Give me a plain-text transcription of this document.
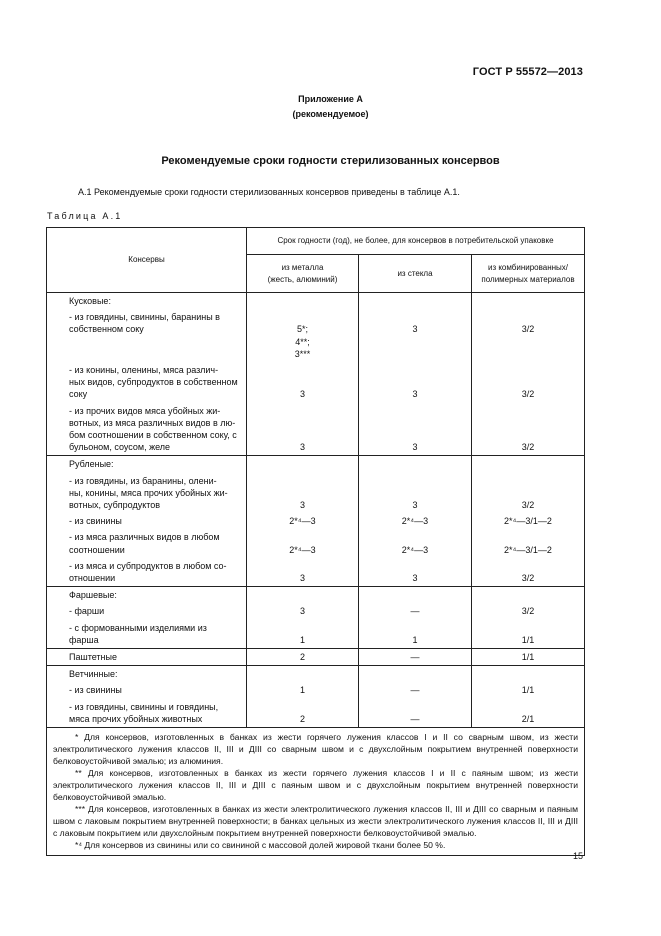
ГОСТ Р 55572—2013
Приложение А
(рекомендуемое)
Рекомендуемые сроки годности стерилизованных консервов
А.1 Рекомендуемые сроки годности стерилизованных консервов приведены в таблице А.1.
Таблица А.1
Консервы	Срок годности (год), не более, для консервов в потребительской упаковке		

	из металла
(жесть, алюминий)	из стекла	из комбинированных/
полимерных материалов

Кусковые:			

- из говядины, свинины, баранины в
собственном соку	5*;
4**;
3***	3	3/2

- из конины, оленины, мяса различ-
ных видов, субпродуктов в собственном
соку	3	3	3/2

- из прочих видов мяса убойных жи-
вотных, из мяса различных видов в лю-
бом соотношении в собственном соку, с
бульоном, соусом, желе	3	3	3/2

Рубленые:			

- из говядины, из баранины, олени-
ны, конины, мяса прочих убойных жи-
вотных, субпродуктов	3	3	3/2

- из свинины	2*⁴—3	2*⁴—3	2*⁴—3/1—2

- из мяса различных видов в любом
соотношении	2*⁴—3	2*⁴—3	2*⁴—3/1—2

- из мяса и субпродуктов в любом со-
отношении	3	3	3/2

Фаршевые:			

- фарши	3	—	3/2

- с формованными изделиями из
фарша	1	1	1/1

Паштетные	2	—	1/1

Ветчинные:			

- из свинины	1	—	1/1

- из говядины, свинины и говядины,
мяса прочих убойных животных	2	—	2/1

* Для консервов, изготовленных в банках из жести горячего лужения классов I и II со сварным швом, из жести электролитического лужения классов II, III и ДIII со сварным швом и с двухслойным покрытием внутренней поверхности белковоустойчивой эмалью; из алюминия.

** Для консервов, изготовленных в банках из жести горячего лужения классов I и II с паяным швом; из жести электролитического лужения классов II, III и ДIII с паяным швом и с двухслойным покрытием внутренней поверхности белковоустойчивой эмалью.

*** Для консервов, изготовленных в банках из жести электролитического лужения классов II, III и ДIII со сварным и паяным швом с лаковым покрытием внутренней поверхности; в банках цельных из жести электролитического лужения классов II, III и ДIII с лаковым покрытием или двухслойным покрытием внутренней поверхности белковоустойчивой эмалью.

*⁴ Для консервов из свинины или со свининой с массовой долей жировой ткани более 50 %.			

15
